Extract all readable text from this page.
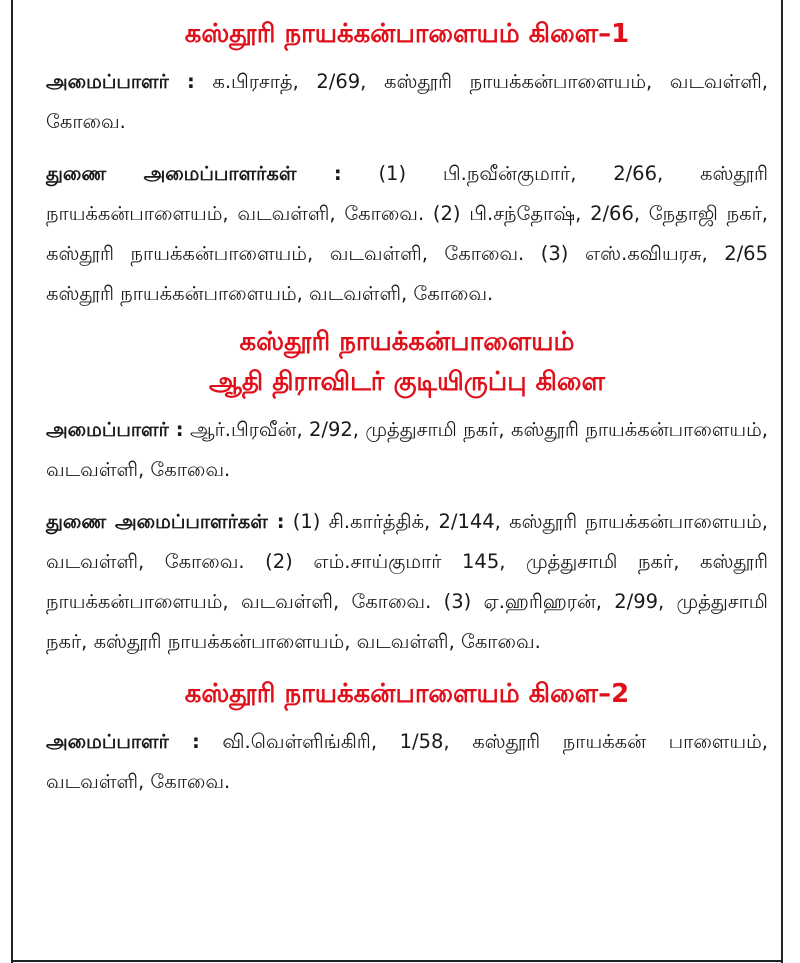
கஸ்தூரி நாயக்கன்பாளையம் கிளை–1

அமைப்பாளர் : க.பிரசாத், 2/69, கஸ்தூரி நாயக்கன்பாளையம், வடவள்ளி, கோவை.

துணை அமைப்பாளர்கள் : (1) பி.நவீன்குமார், 2/66, கஸ்தூரி நாயக்கன்பாளையம், வடவள்ளி, கோவை. (2) பி.சந்தோஷ், 2/66, நேதாஜி நகர், கஸ்தூரி நாயக்கன்பாளையம், வடவள்ளி, கோவை. (3) எஸ்.கவியரசு, 2/65 கஸ்தூரி நாயக்கன்பாளையம், வடவள்ளி, கோவை.

கஸ்தூரி நாயக்கன்பாளையம்
ஆதி திராவிடர் குடியிருப்பு கிளை

அமைப்பாளர் : ஆர்.பிரவீன், 2/92, முத்துசாமி நகர், கஸ்தூரி நாயக்கன்பாளையம், வடவள்ளி, கோவை.

துணை அமைப்பாளர்கள் : (1) சி.கார்த்திக், 2/144, கஸ்தூரி நாயக்கன்பாளையம், வடவள்ளி, கோவை. (2) எம்.சாய்குமார் 145, முத்துசாமி நகர், கஸ்தூரி நாயக்கன்பாளையம், வடவள்ளி, கோவை. (3) ஏ.ஹரிஹரன், 2/99, முத்துசாமி நகர், கஸ்தூரி நாயக்கன்பாளையம், வடவள்ளி, கோவை.

கஸ்தூரி நாயக்கன்பாளையம் கிளை–2

அமைப்பாளர் : வி.வெள்ளிங்கிரி, 1/58, கஸ்தூரி நாயக்கன் பாளையம், வடவள்ளி, கோவை.
